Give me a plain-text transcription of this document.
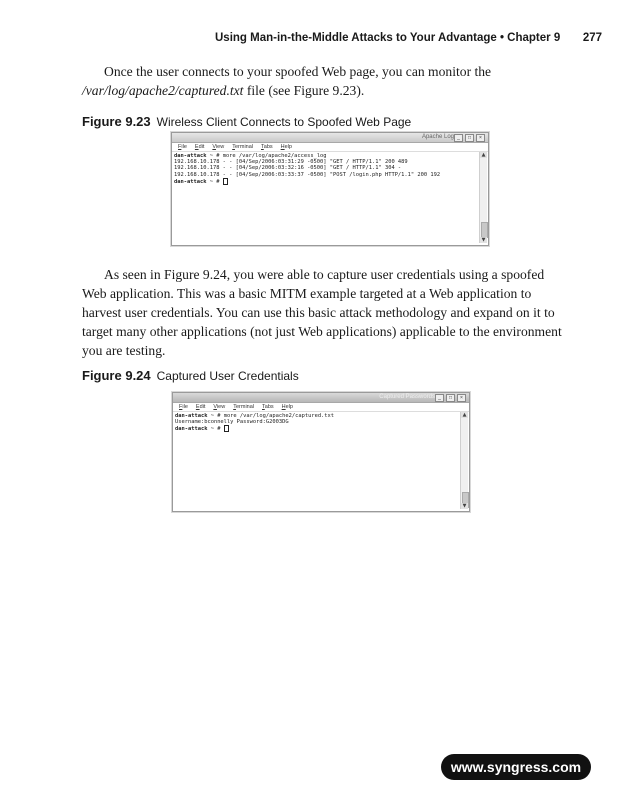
Using Man-in-the-Middle Attacks to Your Advantage • Chapter 9 277

Once the user connects to your spoofed Web page, you can monitor the /var/log/apache2/captured.txt file (see Figure 9.23).

Figure 9.23 Wireless Client Connects to Spoofed Web Page
Apache Log _	□	×
File Edit View Terminal Tabs Help
dan-attack ~ # more /var/log/apache2/access_log
192.168.10.178 - - [04/Sep/2006:03:31:29 -0500] "GET / HTTP/1.1" 200 489
192.168.10.178 - - [04/Sep/2006:03:32:16 -0500] "GET / HTTP/1.1" 304 -
192.168.10.178 - - [04/Sep/2006:03:33:37 -0500] "POST /login.php HTTP/1.1" 200 192
dan-attack ~ #
▲
▼

As seen in Figure 9.24, you were able to capture user credentials using a spoofed Web application. This was a basic MITM example targeted at a Web application to harvest user credentials. You can use this basic attack methodology and expand on it to target many other applications (not just Web applications) applicable to the environment you are testing.

Figure 9.24 Captured User Credentials
Captured Passwords _	□	×
File Edit View Terminal Tabs Help
dan-attack ~ # more /var/log/apache2/captured.txt
Username:bconnelly Password:G2003DG
dan-attack ~ #
▲
▼
www.syngress.com
